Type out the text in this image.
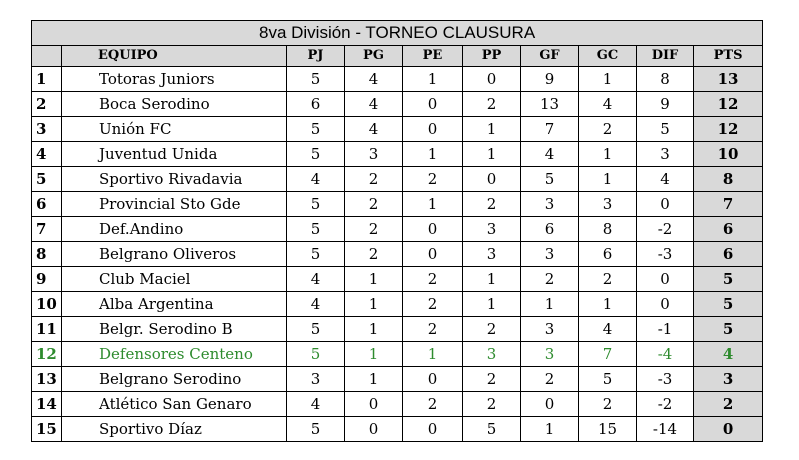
8va División - TORNEO CLAUSURA									
	EQUIPO	PJ	PG	PE	PP	GF	GC	DIF	PTS
1	Totoras Juniors	5	4	1	0	9	1	8	13
2	Boca Serodino	6	4	0	2	13	4	9	12
3	Unión FC	5	4	0	1	7	2	5	12
4	Juventud Unida	5	3	1	1	4	1	3	10
5	Sportivo Rivadavia	4	2	2	0	5	1	4	8
6	Provincial Sto Gde	5	2	1	2	3	3	0	7
7	Def.Andino	5	2	0	3	6	8	-2	6
8	Belgrano Oliveros	5	2	0	3	3	6	-3	6
9	Club Maciel	4	1	2	1	2	2	0	5
10	Alba Argentina	4	1	2	1	1	1	0	5
11	Belgr. Serodino B	5	1	2	2	3	4	-1	5
12	Defensores Centeno	5	1	1	3	3	7	-4	4
13	Belgrano Serodino	3	1	0	2	2	5	-3	3
14	Atlético San Genaro	4	0	2	2	0	2	-2	2
15	Sportivo Díaz	5	0	0	5	1	15	-14	0
